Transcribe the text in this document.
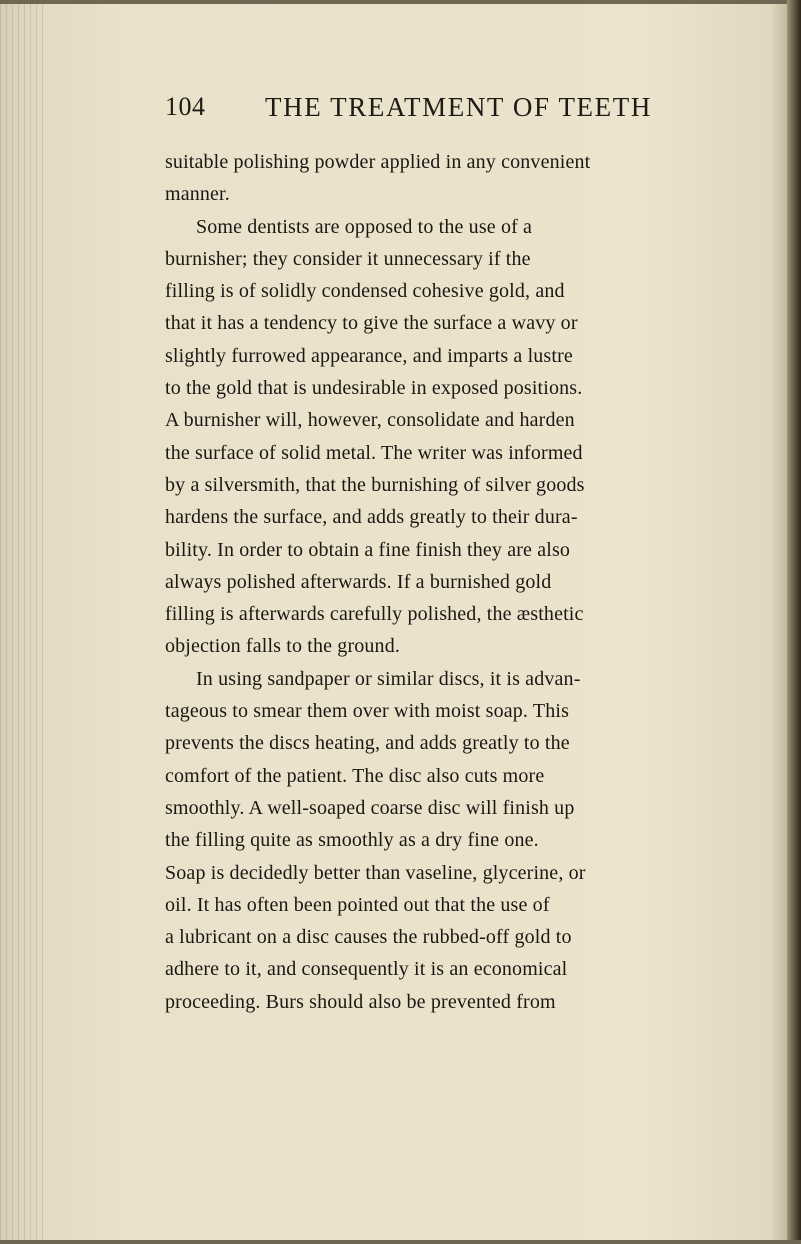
104 THE TREATMENT OF TEETH
suitable polishing powder applied in any convenient
manner.
Some dentists are opposed to the use of a
burnisher; they consider it unnecessary if the
filling is of solidly condensed cohesive gold, and
that it has a tendency to give the surface a wavy or
slightly furrowed appearance, and imparts a lustre
to the gold that is undesirable in exposed positions.
A burnisher will, however, consolidate and harden
the surface of solid metal. The writer was informed
by a silversmith, that the burnishing of silver goods
hardens the surface, and adds greatly to their dura-
bility. In order to obtain a fine finish they are also
always polished afterwards. If a burnished gold
filling is afterwards carefully polished, the æsthetic
objection falls to the ground.
In using sandpaper or similar discs, it is advan-
tageous to smear them over with moist soap. This
prevents the discs heating, and adds greatly to the
comfort of the patient. The disc also cuts more
smoothly. A well-soaped coarse disc will finish up
the filling quite as smoothly as a dry fine one.
Soap is decidedly better than vaseline, glycerine, or
oil. It has often been pointed out that the use of
a lubricant on a disc causes the rubbed-off gold to
adhere to it, and consequently it is an economical
proceeding. Burs should also be prevented from
